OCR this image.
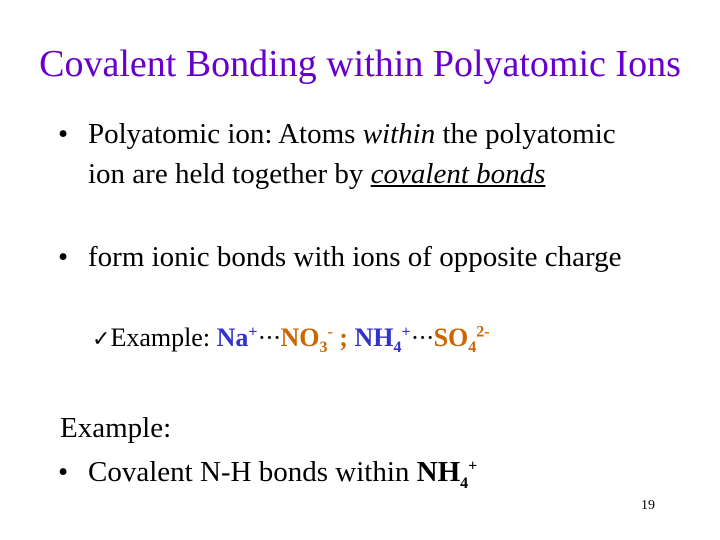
Covalent Bonding within Polyatomic Ions
• Polyatomic ion: Atoms within the polyatomic ion are held together by covalent bonds
• form ionic bonds with ions of opposite charge
✓Example: $Na^+\cdot\cdot\cdot NO_3^-$ ; $NH_4^+\cdot\cdot\cdot SO_4^{2-}$
Example:
• Covalent N-H bonds within $NH_4^+$
19
